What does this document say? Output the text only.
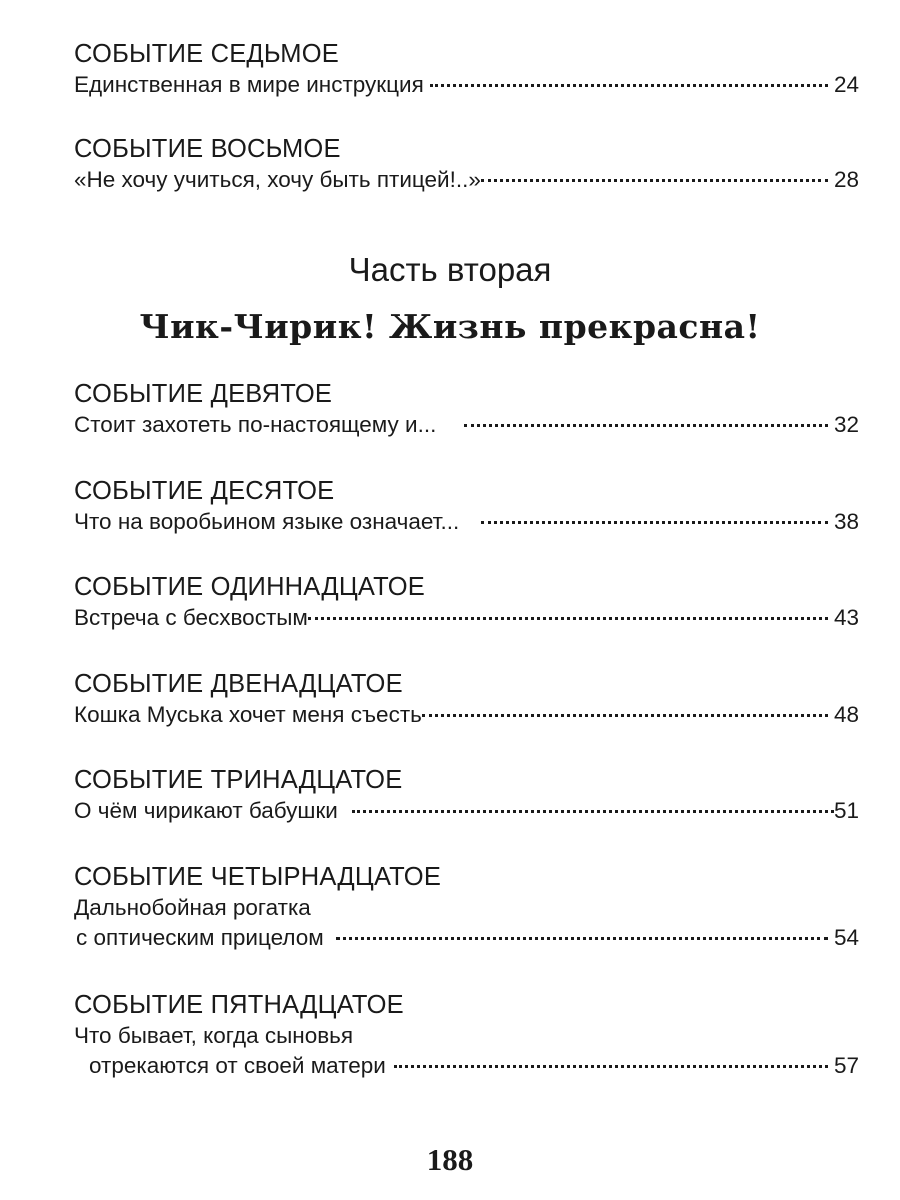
СОБЫТИЕ СЕДЬМОЕ
Единственная в мире инструкция	24
СОБЫТИЕ ВОСЬМОЕ
«Не хочу учиться, хочу быть птицей!..»	28
Часть вторая
Чик-Чирик! Жизнь прекрасна!
СОБЫТИЕ ДЕВЯТОЕ
Стоит захотеть по-настоящему и...	32
СОБЫТИЕ ДЕСЯТОЕ
Что на воробьином языке означает...	38
СОБЫТИЕ ОДИННАДЦАТОЕ
Встреча с бесхвостым	43
СОБЫТИЕ ДВЕНАДЦАТОЕ
Кошка Муська хочет меня съесть	48
СОБЫТИЕ ТРИНАДЦАТОЕ
О чём чирикают бабушки	51
СОБЫТИЕ ЧЕТЫРНАДЦАТОЕ
Дальнобойная рогатка
с оптическим прицелом	54
СОБЫТИЕ ПЯТНАДЦАТОЕ
Что бывает, когда сыновья
отрекаются от своей матери	57
188
